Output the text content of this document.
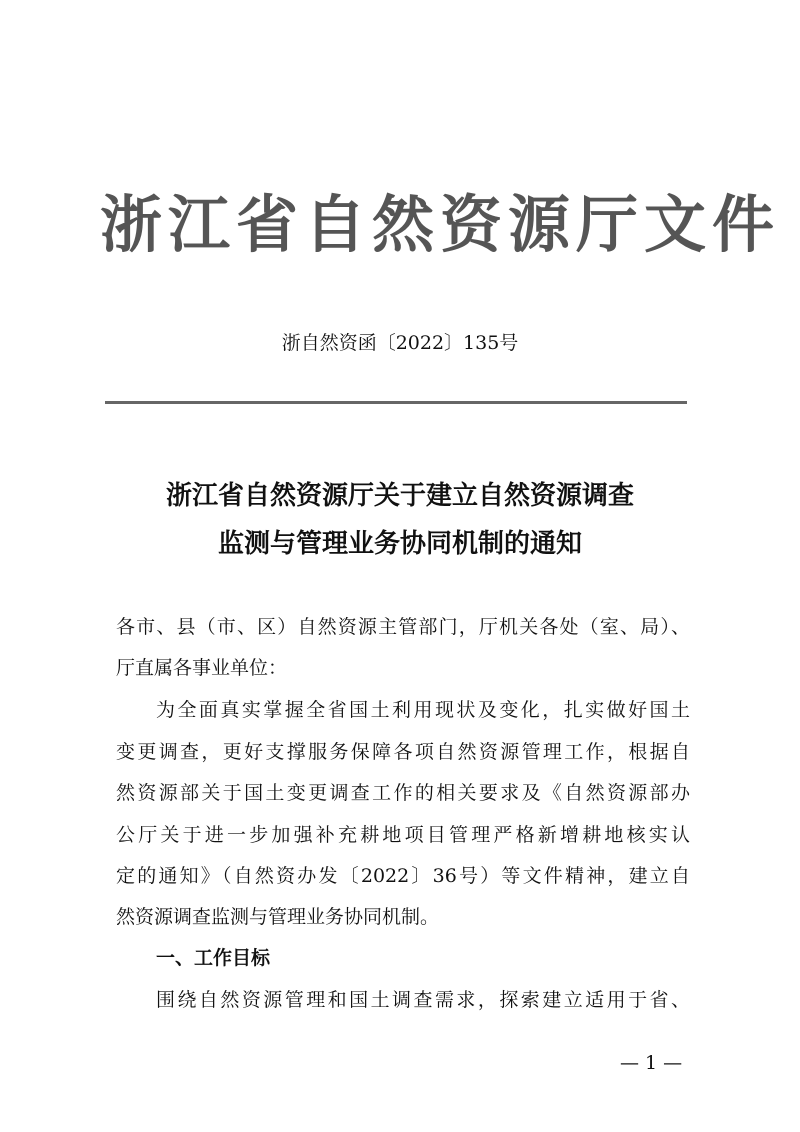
浙江省自然资源厅文件
浙自然资函〔2022〕135号
浙江省自然资源厅关于建立自然资源调查
监测与管理业务协同机制的通知
各市、县（市、区）自然资源主管部门，厅机关各处（室、局）、
厅直属各事业单位：
为全面真实掌握全省国土利用现状及变化，扎实做好国土
变更调查，更好支撑服务保障各项自然资源管理工作，根据自
然资源部关于国土变更调查工作的相关要求及《自然资源部办
公厅关于进一步加强补充耕地项目管理严格新增耕地核实认
定的通知》（自然资办发〔2022〕36号）等文件精神，建立自
然资源调查监测与管理业务协同机制。
一、工作目标
围绕自然资源管理和国土调查需求，探索建立适用于省、
— 1 —
